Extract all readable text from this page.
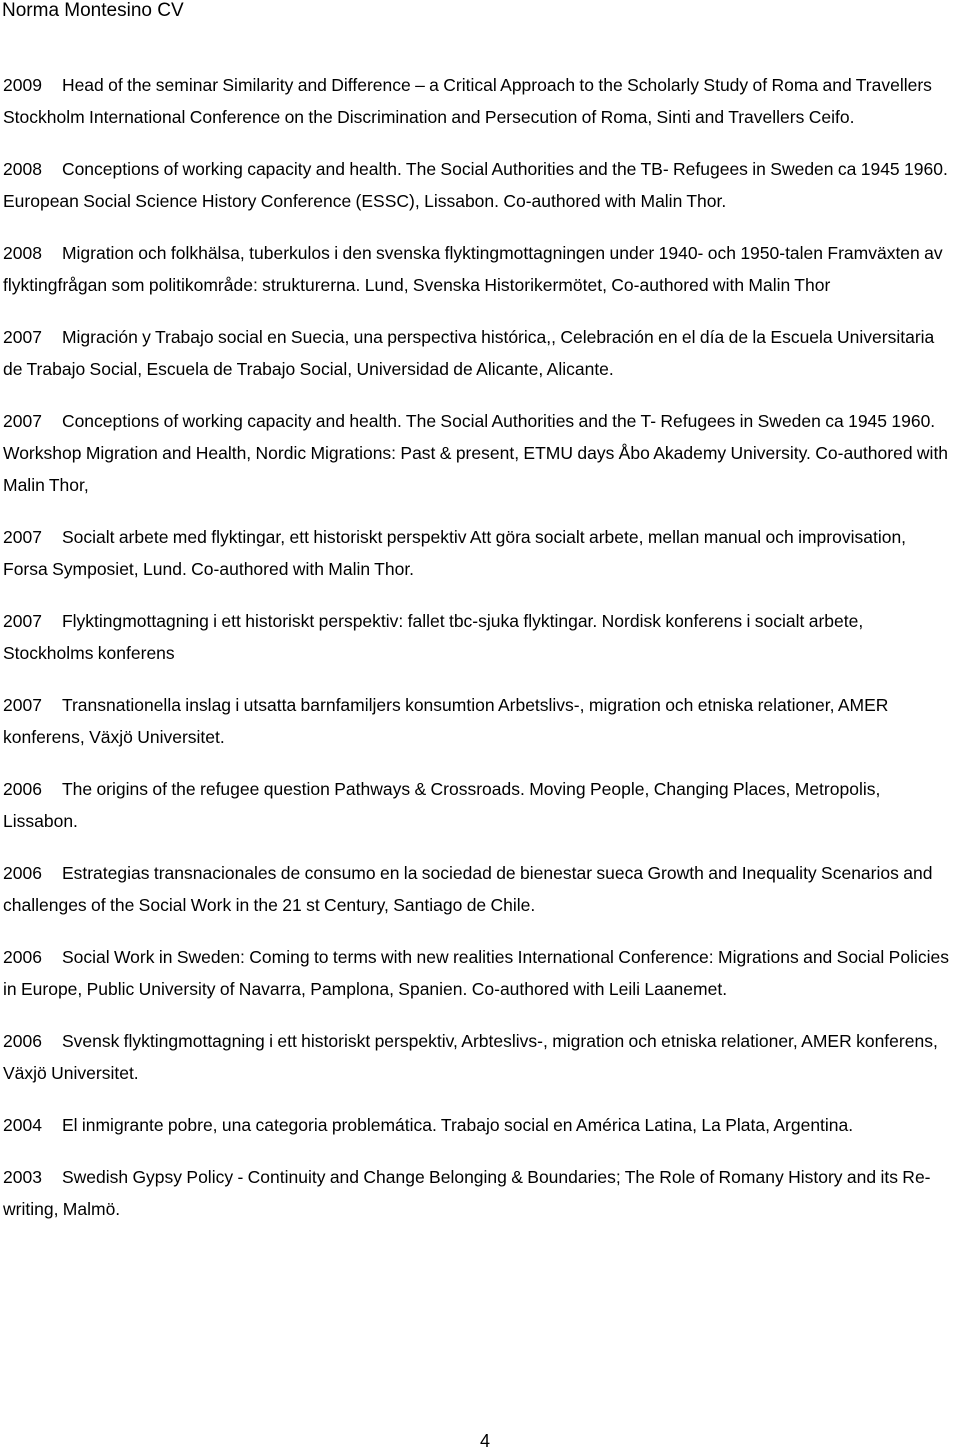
Norma Montesino CV

2009 Head of the seminar Similarity and Difference – a Critical Approach to the Scholarly Study of Roma and Travellers Stockholm International Conference on the Discrimination and Persecution of Roma, Sinti and Travellers Ceifo.

2008 Conceptions of working capacity and health. The Social Authorities and the TB- Refugees in Sweden ca 1945 1960. European Social Science History Conference (ESSC), Lissabon. Co-authored with Malin Thor.

2008 Migration och folkhälsa, tuberkulos i den svenska flyktingmottagningen under 1940- och 1950-talen Framväxten av flyktingfrågan som politikområde: strukturerna. Lund, Svenska Historikermötet, Co-authored with Malin Thor

2007 Migración y Trabajo social en Suecia, una perspectiva histórica,, Celebración en el día de la Escuela Universitaria de Trabajo Social, Escuela de Trabajo Social, Universidad de Alicante, Alicante.

2007 Conceptions of working capacity and health. The Social Authorities and the T- Refugees in Sweden ca 1945 1960. Workshop Migration and Health, Nordic Migrations: Past & present, ETMU days Åbo Akademy University. Co-authored with Malin Thor,

2007 Socialt arbete med flyktingar, ett historiskt perspektiv Att göra socialt arbete, mellan manual och improvisation, Forsa Symposiet, Lund. Co-authored with Malin Thor.

2007 Flyktingmottagning i ett historiskt perspektiv: fallet tbc-sjuka flyktingar. Nordisk konferens i socialt arbete, Stockholms konferens

2007 Transnationella inslag i utsatta barnfamiljers konsumtion Arbetslivs-, migration och etniska relationer, AMER konferens, Växjö Universitet.

2006 The origins of the refugee question Pathways & Crossroads. Moving People, Changing Places, Metropolis, Lissabon.

2006 Estrategias transnacionales de consumo en la sociedad de bienestar sueca Growth and Inequality Scenarios and challenges of the Social Work in the 21 st Century, Santiago de Chile.

2006 Social Work in Sweden: Coming to terms with new realities International Conference: Migrations and Social Policies in Europe, Public University of Navarra, Pamplona, Spanien. Co-authored with Leili Laanemet.

2006 Svensk flyktingmottagning i ett historiskt perspektiv, Arbteslivs-, migration och etniska relationer, AMER konferens, Växjö Universitet.

2004 El inmigrante pobre, una categoria problemática. Trabajo social en América Latina, La Plata, Argentina.

2003 Swedish Gypsy Policy - Continuity and Change Belonging & Boundaries; The Role of Romany History and its Re-writing, Malmö.

4
